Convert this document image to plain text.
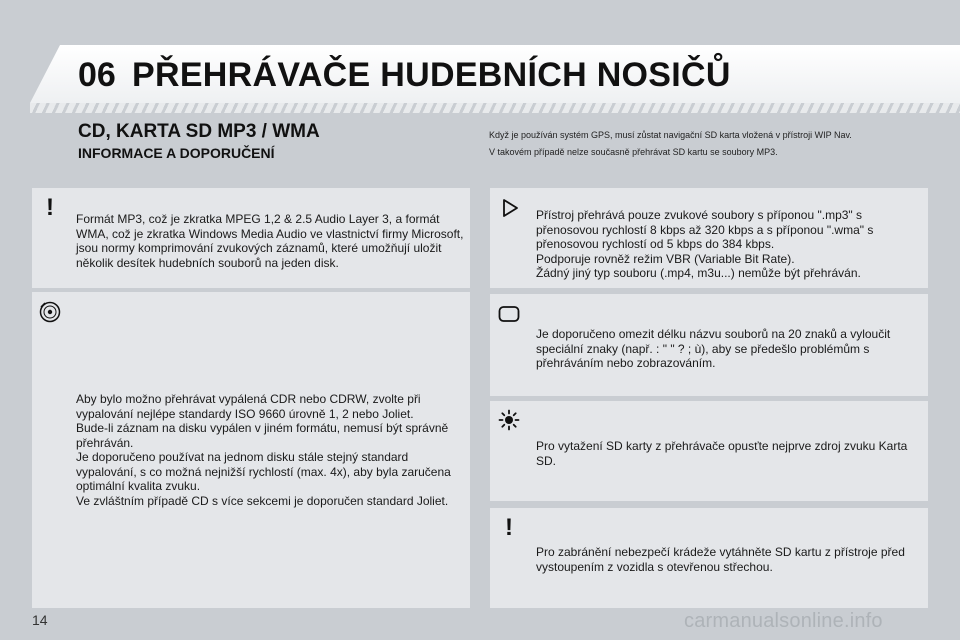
06 PŘEHRÁVAČE HUDEBNÍCH NOSIČŮ
CD, KARTA SD MP3 / WMA
INFORMACE A DOPORUČENÍ

Když je používán systém GPS, musí zůstat navigační SD karta vložená v přístroji WIP Nav.

V takovém případě nelze současně přehrávat SD kartu se soubory MP3.

! Formát MP3, což je zkratka MPEG 1,2 & 2.5 Audio Layer 3, a formát WMA, což je zkratka Windows Media Audio ve vlastnictví firmy Microsoft, jsou normy komprimování zvukových záznamů, které umožňují uložit několik desítek hudebních souborů na jeden disk.

Aby bylo možno přehrávat vypálená CDR nebo CDRW, zvolte při vypalování nejlépe standardy ISO 9660 úrovně 1, 2 nebo Joliet.

Bude-li záznam na disku vypálen v jiném formátu, nemusí být správně přehráván.

Je doporučeno používat na jednom disku stále stejný standard vypalování, s co možná nejnižší rychlostí (max. 4x), aby byla zaručena optimální kvalita zvuku.

Ve zvláštním případě CD s více sekcemi je doporučen standard Joliet.

Přístroj přehrává pouze zvukové soubory s příponou ".mp3" s přenosovou rychlostí 8 kbps až 320 kbps a s příponou ".wma" s přenosovou rychlostí od 5 kbps do 384 kbps.

Podporuje rovněž režim VBR (Variable Bit Rate).

Žádný jiný typ souboru (.mp4, m3u...) nemůže být přehráván.

Je doporučeno omezit délku názvu souborů na 20 znaků a vyloučit speciální znaky (např. : " " ? ; ù), aby se předešlo problémům s přehráváním nebo zobrazováním.
Pro vytažení SD karty z přehrávače opusťte nejprve zdroj zvuku Karta SD.
!
Pro zabránění nebezpečí krádeže vytáhněte SD kartu z přístroje před vystoupením z vozidla s otevřenou střechou.
14	carmanualsonline.info
